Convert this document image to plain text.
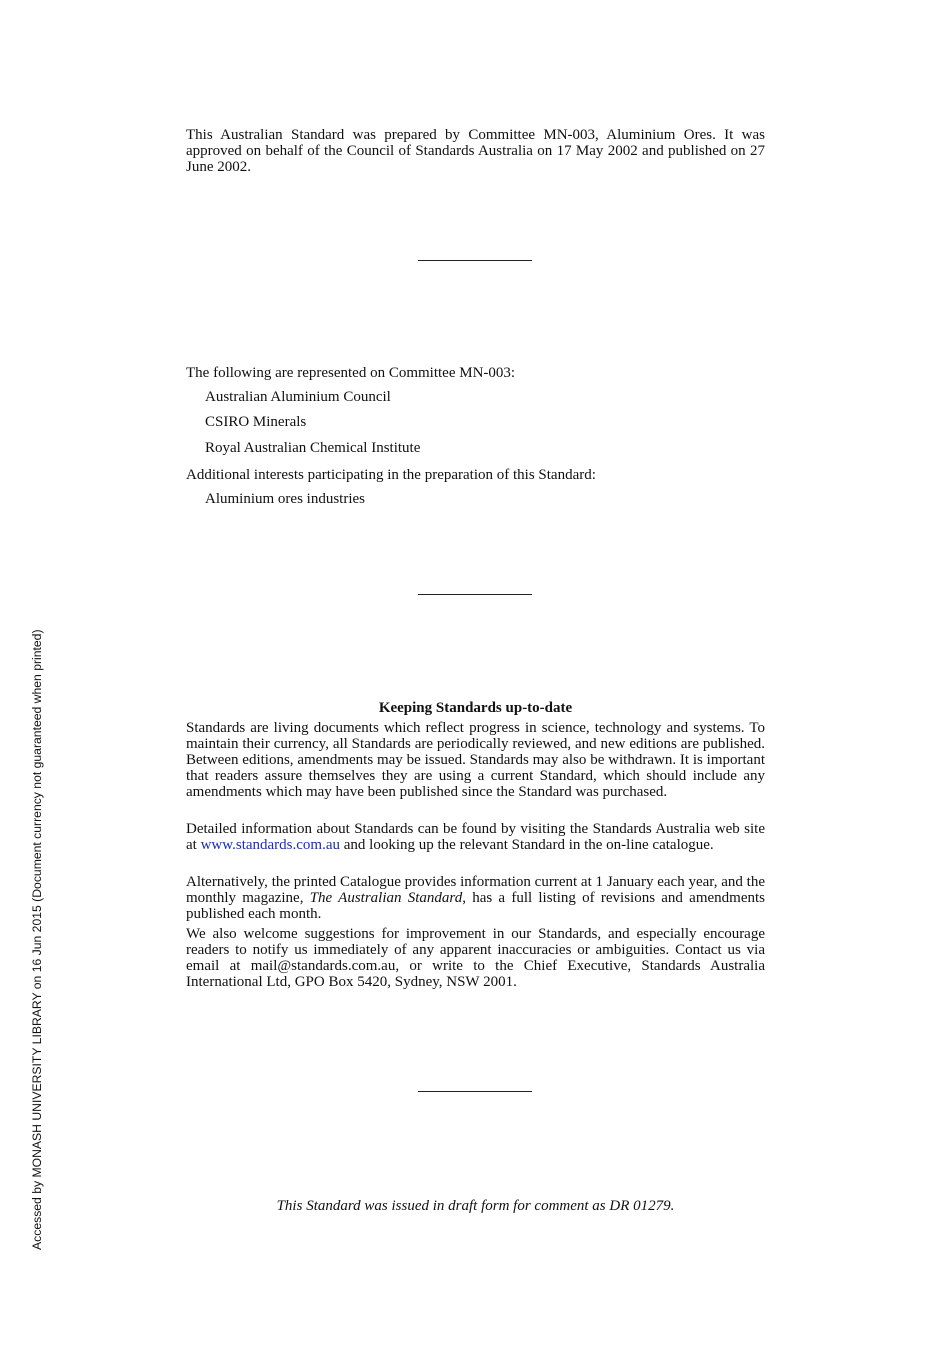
This Australian Standard was prepared by Committee MN-003, Aluminium Ores. It was approved on behalf of the Council of Standards Australia on 17 May 2002 and published on 27 June 2002.

The following are represented on Committee MN-003:

Australian Aluminium Council

CSIRO Minerals

Royal Australian Chemical Institute

Additional interests participating in the preparation of this Standard:

Aluminium ores industries

Keeping Standards up-to-date

Standards are living documents which reflect progress in science, technology and systems. To maintain their currency, all Standards are periodically reviewed, and new editions are published. Between editions, amendments may be issued. Standards may also be withdrawn. It is important that readers assure themselves they are using a current Standard, which should include any amendments which may have been published since the Standard was purchased.

Detailed information about Standards can be found by visiting the Standards Australia web site at www.standards.com.au and looking up the relevant Standard in the on-line catalogue.

Alternatively, the printed Catalogue provides information current at 1 January each year, and the monthly magazine, The Australian Standard, has a full listing of revisions and amendments published each month.

We also welcome suggestions for improvement in our Standards, and especially encourage readers to notify us immediately of any apparent inaccuracies or ambiguities. Contact us via email at mail@standards.com.au, or write to the Chief Executive, Standards Australia International Ltd, GPO Box 5420, Sydney, NSW 2001.

This Standard was issued in draft form for comment as DR 01279.
Accessed by MONASH UNIVERSITY LIBRARY on 16 Jun 2015 (Document currency not guaranteed when printed)
